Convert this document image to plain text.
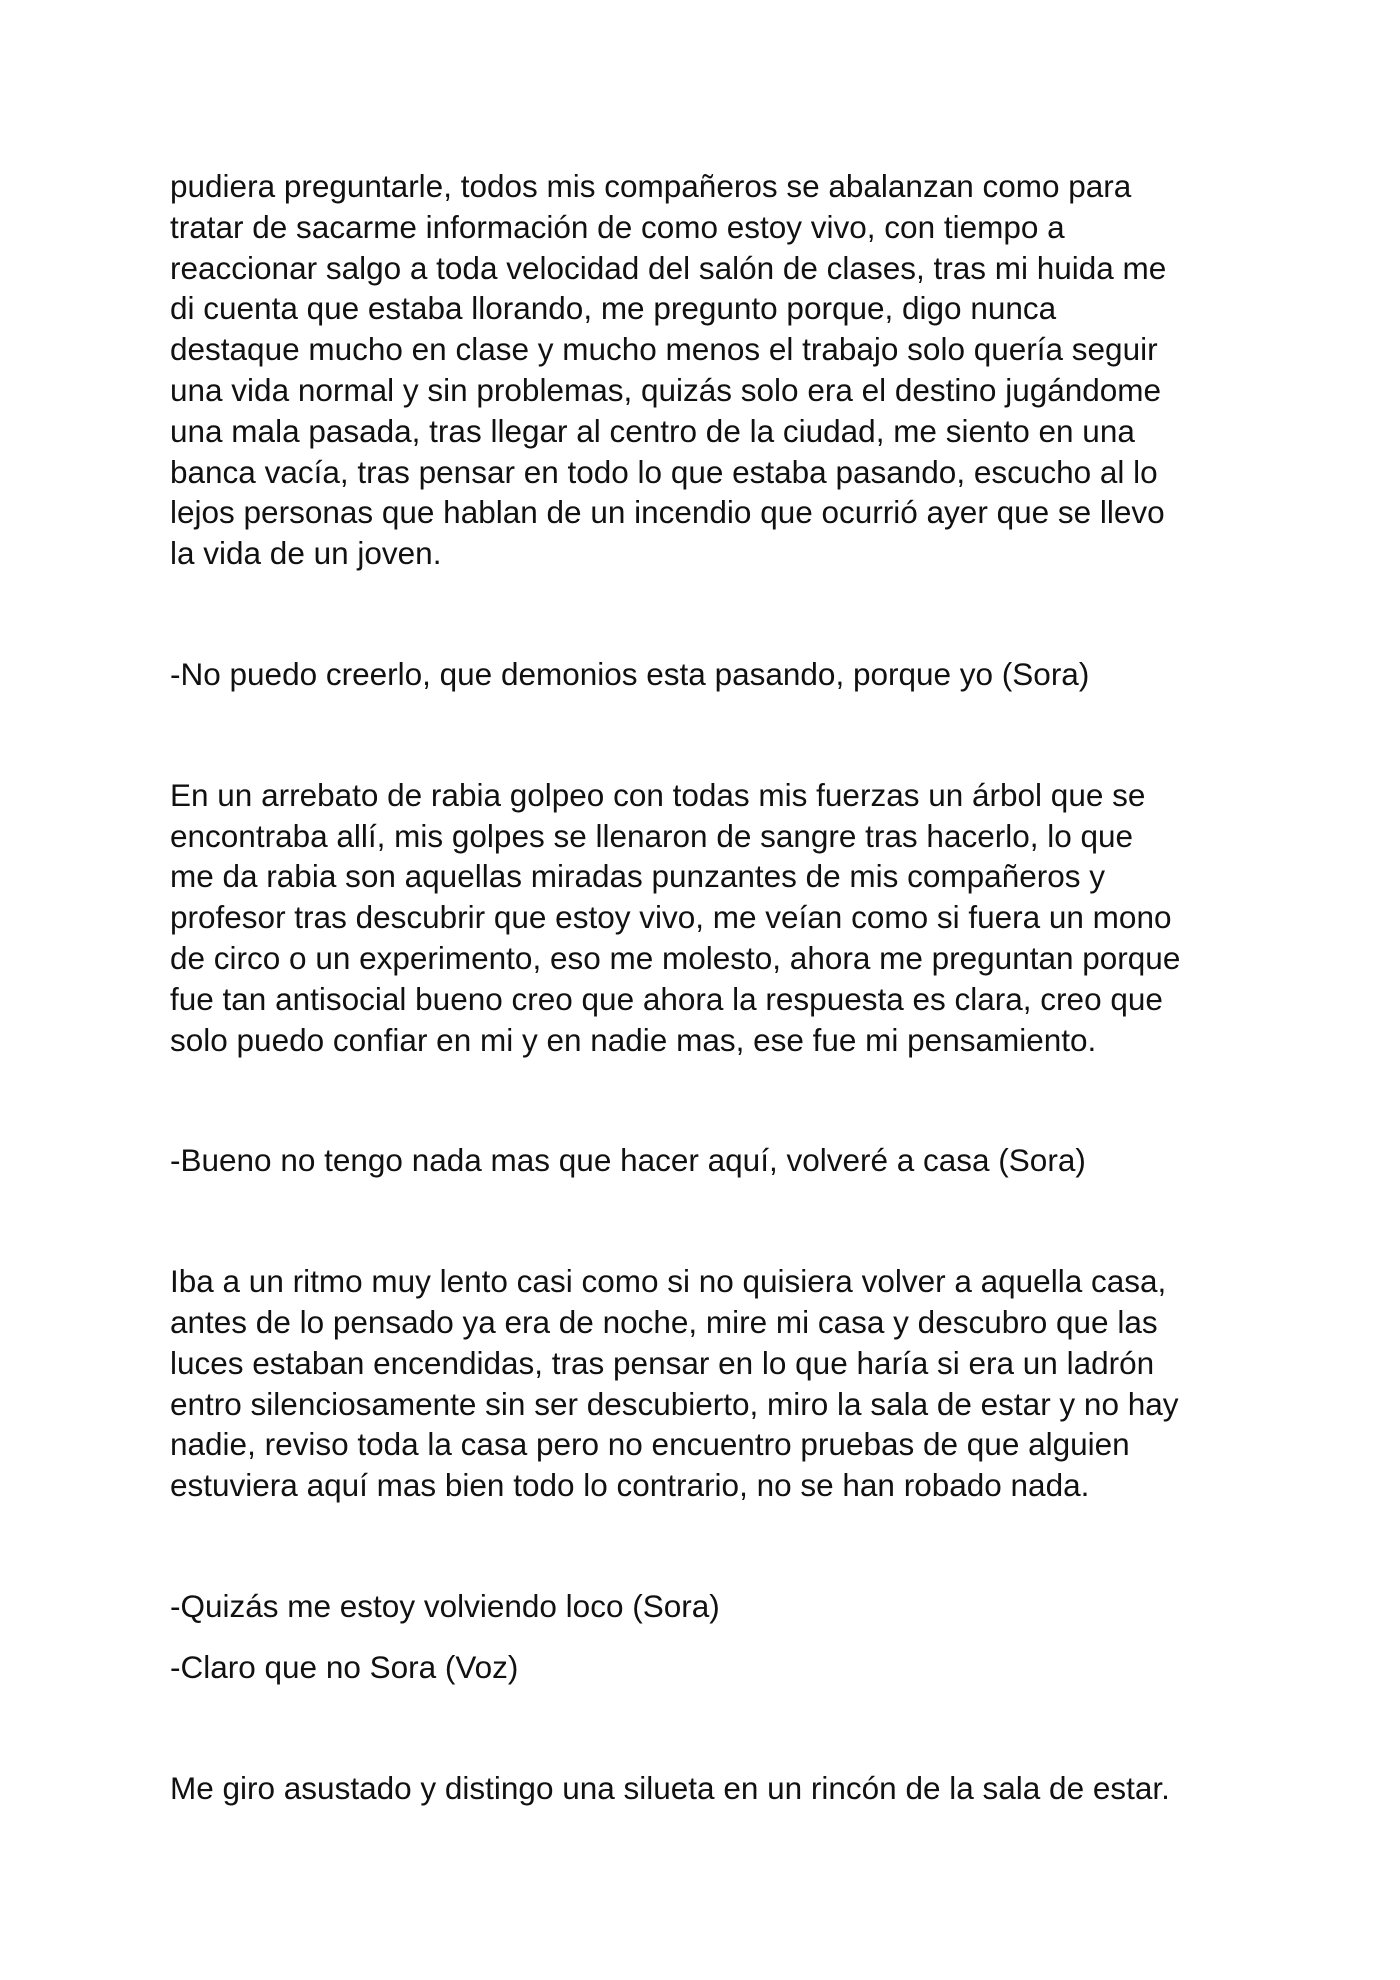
pudiera preguntarle, todos mis compañeros se abalanzan como para
tratar de sacarme información de como estoy vivo, con tiempo a
reaccionar salgo a toda velocidad del salón de clases, tras mi huida me
di cuenta que estaba llorando, me pregunto porque, digo nunca
destaque mucho en clase y mucho menos el trabajo solo quería seguir
una vida normal y sin problemas, quizás solo era el destino jugándome
una mala pasada, tras llegar al centro de la ciudad, me siento en una
banca vacía, tras pensar en todo lo que estaba pasando, escucho al lo
lejos personas que hablan de un incendio que ocurrió ayer que se llevo
la vida de un joven.

-No puedo creerlo, que demonios esta pasando, porque yo (Sora)

En un arrebato de rabia golpeo con todas mis fuerzas un árbol que se
encontraba allí, mis golpes se llenaron de sangre tras hacerlo, lo que
me da rabia son aquellas miradas punzantes de mis compañeros y
profesor tras descubrir que estoy vivo, me veían como si fuera un mono
de circo o un experimento, eso me molesto, ahora me preguntan porque
fue tan antisocial bueno creo que ahora la respuesta es clara, creo que
solo puedo confiar en mi y en nadie mas, ese fue mi pensamiento.

-Bueno no tengo nada mas que hacer aquí, volveré a casa (Sora)

Iba a un ritmo muy lento casi como si no quisiera volver a aquella casa,
antes de lo pensado ya era de noche, mire mi casa y descubro que las
luces estaban encendidas, tras pensar en lo que haría si era un ladrón
entro silenciosamente sin ser descubierto, miro la sala de estar y no hay
nadie, reviso toda la casa pero no encuentro pruebas de que alguien
estuviera aquí mas bien todo lo contrario, no se han robado nada.

-Quizás me estoy volviendo loco (Sora)

-Claro que no Sora (Voz)

Me giro asustado y distingo una silueta en un rincón de la sala de estar.
